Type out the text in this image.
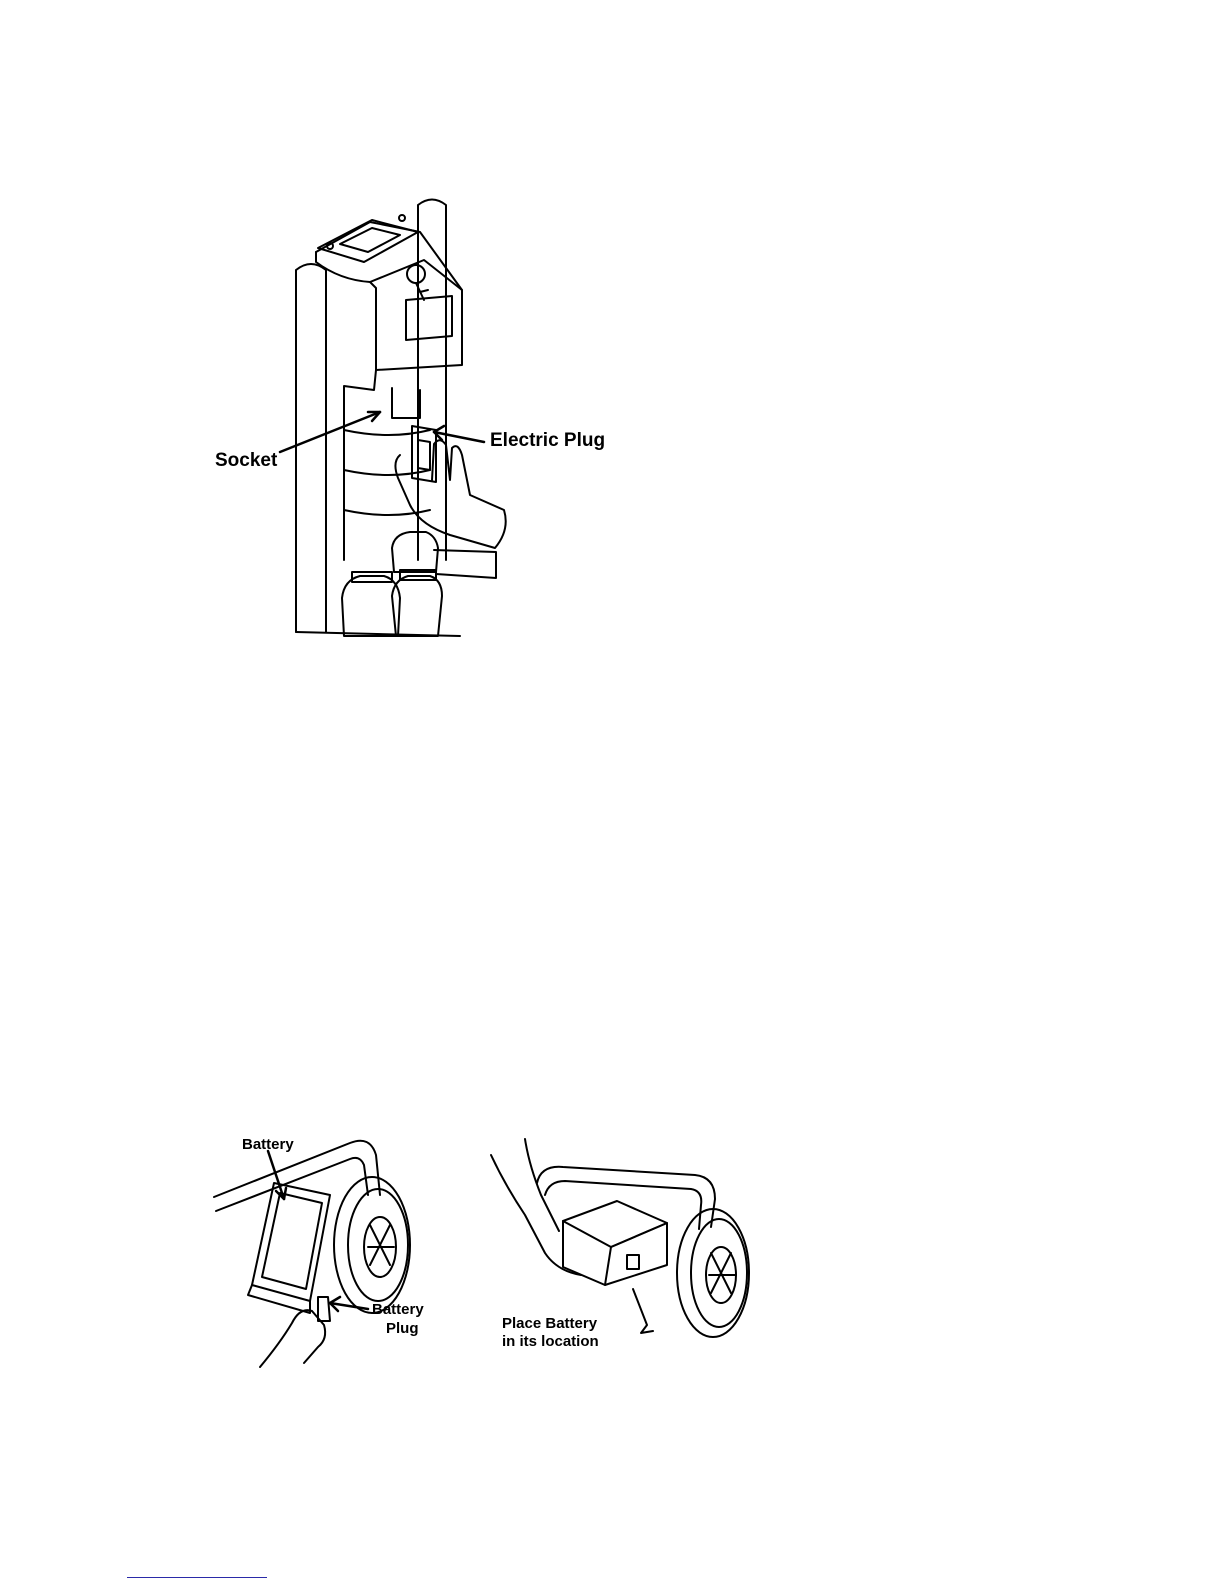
Socket
Electric Plug
Battery
Battery
Plug	Place Battery
in its location
